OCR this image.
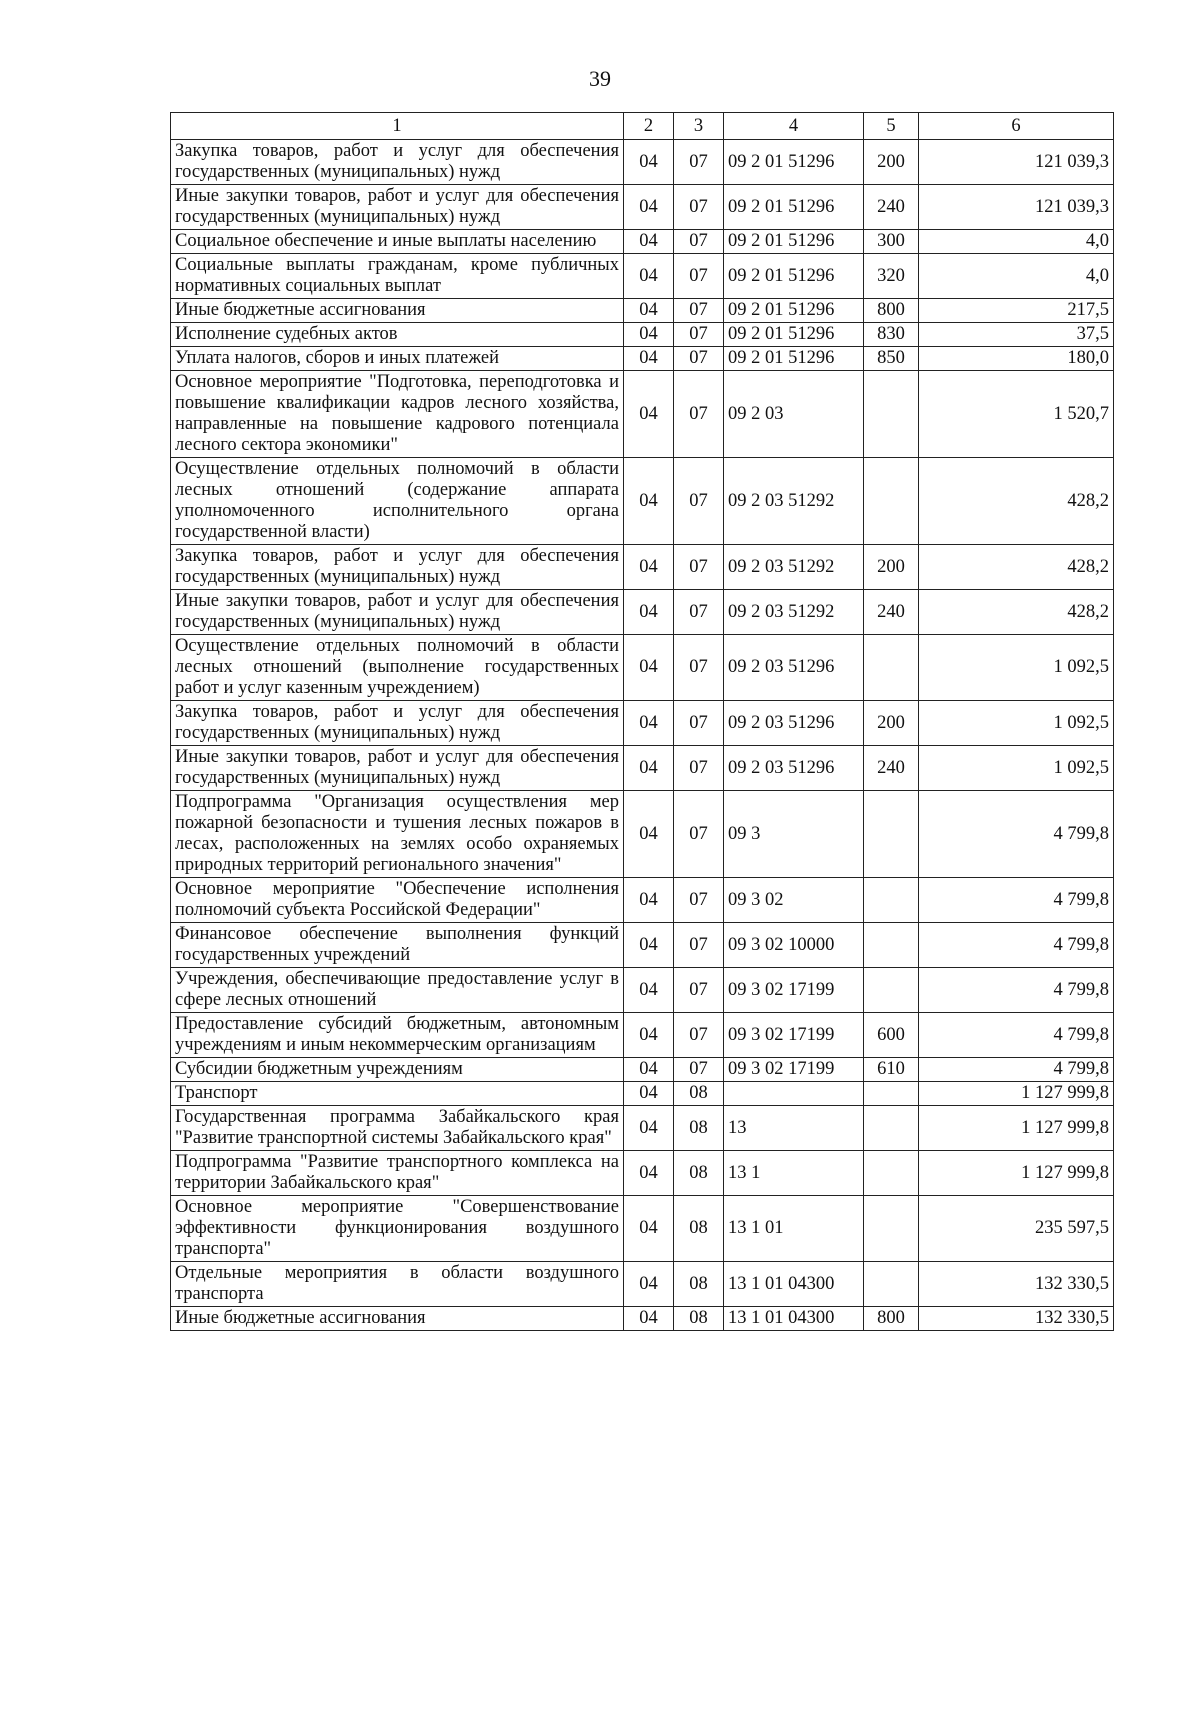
39
1	2	3	4	5	6
Закупка товаров, работ и услуг для обеспечения государственных (муниципальных) нужд	04	07	09 2 01 51296	200	121 039,3
Иные закупки товаров, работ и услуг для обеспечения государственных (муниципальных) нужд	04	07	09 2 01 51296	240	121 039,3
Социальное обеспечение и иные выплаты населению	04	07	09 2 01 51296	300	4,0
Социальные выплаты гражданам, кроме публичных нормативных социальных выплат	04	07	09 2 01 51296	320	4,0
Иные бюджетные ассигнования	04	07	09 2 01 51296	800	217,5
Исполнение судебных актов	04	07	09 2 01 51296	830	37,5
Уплата налогов, сборов и иных платежей	04	07	09 2 01 51296	850	180,0
Основное мероприятие "Подготовка, переподготовка и повышение квалификации кадров лесного хозяйства, направленные на повышение кадрового потенциала лесного сектора экономики"	04	07	09 2 03		1 520,7
Осуществление отдельных полномочий в области лесных отношений (содержание аппарата уполномоченного исполнительного органа государственной власти)	04	07	09 2 03 51292		428,2
Закупка товаров, работ и услуг для обеспечения государственных (муниципальных) нужд	04	07	09 2 03 51292	200	428,2
Иные закупки товаров, работ и услуг для обеспечения государственных (муниципальных) нужд	04	07	09 2 03 51292	240	428,2
Осуществление отдельных полномочий в области лесных отношений (выполнение государственных работ и услуг казенным учреждением)	04	07	09 2 03 51296		1 092,5
Закупка товаров, работ и услуг для обеспечения государственных (муниципальных) нужд	04	07	09 2 03 51296	200	1 092,5
Иные закупки товаров, работ и услуг для обеспечения государственных (муниципальных) нужд	04	07	09 2 03 51296	240	1 092,5
Подпрограмма "Организация осуществления мер пожарной безопасности и тушения лесных пожаров в лесах, расположенных на землях особо охраняемых природных территорий регионального значения"	04	07	09 3		4 799,8
Основное мероприятие "Обеспечение исполнения полномочий субъекта Российской Федерации"	04	07	09 3 02		4 799,8
Финансовое обеспечение выполнения функций государственных учреждений	04	07	09 3 02 10000		4 799,8
Учреждения, обеспечивающие предоставление услуг в сфере лесных отношений	04	07	09 3 02 17199		4 799,8
Предоставление субсидий бюджетным, автономным учреждениям и иным некоммерческим организациям	04	07	09 3 02 17199	600	4 799,8
Субсидии бюджетным учреждениям	04	07	09 3 02 17199	610	4 799,8
Транспорт	04	08			1 127 999,8
Государственная программа Забайкальского края "Развитие транспортной системы Забайкальского края"	04	08	13		1 127 999,8
Подпрограмма "Развитие транспортного комплекса на территории Забайкальского края"	04	08	13 1		1 127 999,8
Основное мероприятие "Совершенствование эффективности функционирования воздушного транспорта"	04	08	13 1 01		235 597,5
Отдельные мероприятия в области воздушного транспорта	04	08	13 1 01 04300		132 330,5
Иные бюджетные ассигнования	04	08	13 1 01 04300	800	132 330,5
